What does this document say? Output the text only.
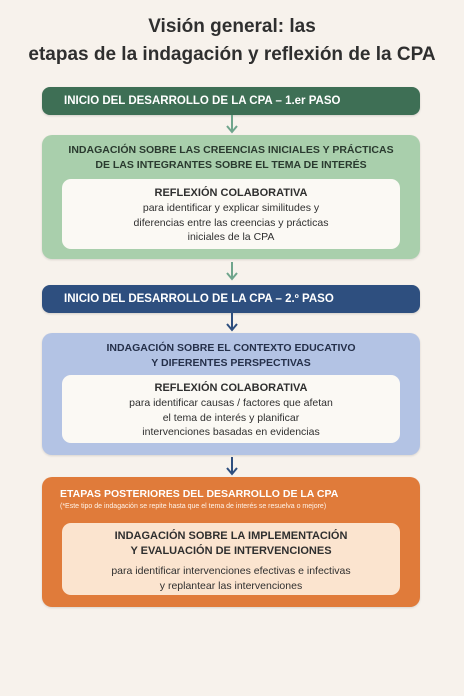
Visión general: las
etapas de la indagación y reflexión de la CPA
INICIO DEL DESARROLLO DE LA CPA – 1.er PASO
INDAGACIÓN SOBRE LAS CREENCIAS INICIALES Y PRÁCTICAS
DE LAS INTEGRANTES SOBRE EL TEMA DE INTERÉS
REFLEXIÓN COLABORATIVA
para identificar y explicar similitudes y
diferencias entre las creencias y prácticas
iniciales de la CPA
INICIO DEL DESARROLLO DE LA CPA – 2.º PASO
INDAGACIÓN SOBRE EL CONTEXTO EDUCATIVO
Y DIFERENTES PERSPECTIVAS
REFLEXIÓN COLABORATIVA
para identificar causas / factores que afetan
el tema de interés y planificar
intervenciones basadas en evidencias
ETAPAS POSTERIORES DEL DESARROLLO DE LA CPA
(*Este tipo de indagación se repite hasta que el tema de interés se resuelva o mejore)
INDAGACIÓN SOBRE LA IMPLEMENTACIÓN
Y EVALUACIÓN DE INTERVENCIONES
para identificar intervenciones efectivas e infectivas
y replantear las intervenciones
